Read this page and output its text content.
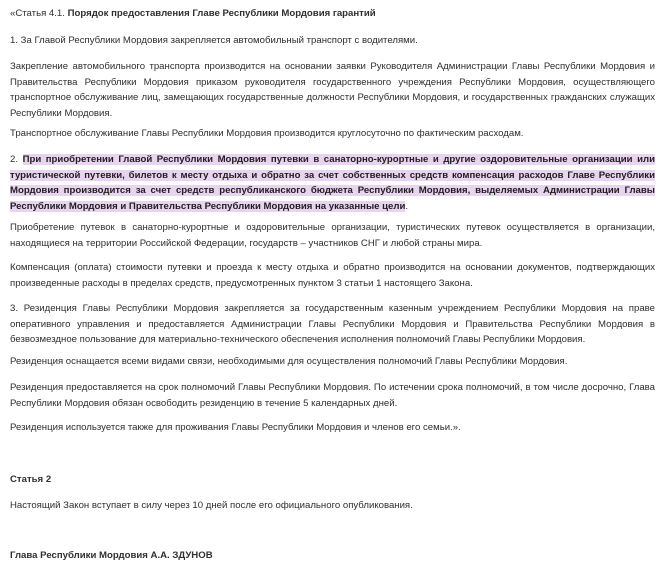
«Статья 4.1. Порядок предоставления Главе Республики Мордовия гарантий

1. За Главой Республики Мордовия закрепляется автомобильный транспорт с водителями.

Закрепление автомобильного транспорта производится на основании заявки Руководителя Администрации Главы Республики Мордовия и Правительства Республики Мордовия приказом руководителя государственного учреждения Республики Мордовия, осуществляющего транспортное обслуживание лиц, замещающих государственные должности Республики Мордовия, и государственных гражданских служащих Республики Мордовия.

Транспортное обслуживание Главы Республики Мордовия производится круглосуточно по фактическим расходам.

2. При приобретении Главой Республики Мордовия путевки в санаторно-курортные и другие оздоровительные организации или туристической путевки, билетов к месту отдыха и обратно за счет собственных средств компенсация расходов Главе Республики Мордовия производится за счет средств республиканского бюджета Республики Мордовия, выделяемых Администрации Главы Республики Мордовия и Правительства Республики Мордовия на указанные цели.

Приобретение путевок в санаторно-курортные и оздоровительные организации, туристических путевок осуществляется в организации, находящиеся на территории Российской Федерации, государств – участников СНГ и любой страны мира.

Компенсация (оплата) стоимости путевки и проезда к месту отдыха и обратно производится на основании документов, подтверждающих произведенные расходы в пределах средств, предусмотренных пунктом 3 статьи 1 настоящего Закона.

3. Резиденция Главы Республики Мордовия закрепляется за государственным казенным учреждением Республики Мордовия на праве оперативного управления и предоставляется Администрации Главы Республики Мордовия и Правительства Республики Мордовия в безвозмездное пользование для материально-технического обеспечения исполнения полномочий Главы Республики Мордовия.

Резиденция оснащается всеми видами связи, необходимыми для осуществления полномочий Главы Республики Мордовия.

Резиденция предоставляется на срок полномочий Главы Республики Мордовия. По истечении срока полномочий, в том числе досрочно, Глава Республики Мордовия обязан освободить резиденцию в течение 5 календарных дней.

Резиденция используется также для проживания Главы Республики Мордовия и членов его семьи.».

Статья 2

Настоящий Закон вступает в силу через 10 дней после его официального опубликования.

Глава Республики Мордовия А.А. ЗДУНОВ
